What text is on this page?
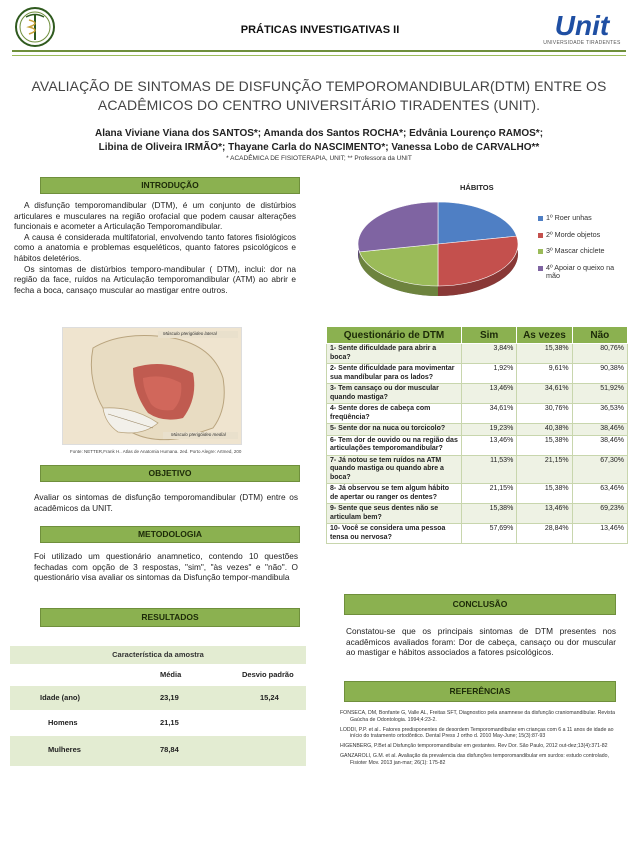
PRÁTICAS INVESTIGATIVAS II	Unit
UNIVERSIDADE TIRADENTES
AVALIAÇÃO DE SINTOMAS DE DISFUNÇÃO TEMPOROMANDIBULAR(DTM) ENTRE OS ACADÊMICOS DO CENTRO UNIVERSITÁRIO TIRADENTES (UNIT).
Alana Viviane Viana dos SANTOS*; Amanda dos Santos ROCHA*; Edvânia Lourenço RAMOS*;
Libina de Oliveira IRMÃO*; Thayane Carla do NASCIMENTO*; Vanessa Lobo de CARVALHO**
* ACADÊMICA DE FISIOTERAPIA, UNIT; ** Professora da UNIT
INTRODUÇÃO

A disfunção temporomandibular (DTM), é um conjunto de distúrbios articulares e musculares na região orofacial que podem causar alterações funcionais e acometer a Articulação Temporomandibular.

A causa é considerada multifatorial, envolvendo tanto fatores fisiológicos como a anatomia e problemas esqueléticos, quanto fatores psicológicos e hábitos deletérios.

Os sintomas de distúrbios temporo-mandibular ( DTM), inclui: dor na região da face, ruídos na Articulação temporomandibular (ATM) ao abrir e fecha a boca, cansaço muscular ao mastigar entre outros.

Músculo pterigóideo lateral
Músculo pterigóideo medial
Fonte: NETTER,Frank H.. Atlas de Anatomia Humana. 2ed. Porto Alegre: Artmed, 200
OBJETIVO
Avaliar os sintomas de disfunção temporomandibular (DTM) entre os acadêmicos da UNIT.
METODOLOGIA
Foi utilizado um questionário anamnetico, contendo 10 questões fechadas com opção de 3 respostas, "sim", "às vezes" e "não". O questionário visa avaliar os sintomas da Disfunção tempor-mandibula
RESULTADOS
Característica da amostra
Média	Desvio padrão
Idade (ano)	23,19	15,24
Homens	21,15
Mulheres	78,84
HÁBITOS
1º Roer unhas
2º Morde objetos
3º Mascar chiclete
4º Apoiar o queixo na mão
Questionário de DTM	Sim	As vezes	Não
1- Sente dificuldade para abrir a boca?	3,84%	15,38%	80,76%
2- Sente dificuldade para movimentar sua mandíbular para os lados?	1,92%	9,61%	90,38%
3- Tem cansaço ou dor muscular quando mastiga?	13,46%	34,61%	51,92%
4- Sente dores de cabeça com freqüência?	34,61%	30,76%	36,53%
5- Sente dor na nuca ou torcicolo?	19,23%	40,38%	38,46%
6- Tem dor de ouvido ou na região das articulações temporomandibular?	13,46%	15,38%	38,46%
7- Já notou se tem ruídos na ATM quando mastiga ou quando abre a boca?	11,53%	21,15%	67,30%
8- Já observou se tem algum hábito de apertar ou ranger os dentes?	21,15%	15,38%	63,46%
9- Sente que seus dentes não se articulam bem?	15,38%	13,46%	69,23%
10- Você se considera uma pessoa tensa ou nervosa?	57,69%	28,84%	13,46%
CONCLUSÃO
Constatou-se que os principais sintomas de DTM presentes nos acadêmicos avaliados foram: Dor de cabeça, cansaço ou dor muscular ao mastigar e hábitos associados a fatores psicológicos.
REFERÊNCIAS

FONSECA, DM, Bonfante G, Valle AL, Freitas SFT, Diagnostico pela anamnese da disfunção craniomandibular. Revista Gaúcha de Odontologia. 1994;4:23-2.

LODDI, P.P. et al.. Fatores predisponentes de desordem Temporomandibular em crianças com 6 a 11 anos de idade ao início do tratamento ortodôntico. Dental Press J ortho d. 2010 May-June; 15(3):87-93

HIGENBERG, P.Bet al Disfunção temporomandibular em gestantes. Rev Dor. São Paulo, 2012 out-dez;13(4):371-82

GANZAROLI, G.M. et al. Avaliação da prevalencia das disfunções temporomandibular em surdos: estudo controlado, Fisioter Mov. 2013 jan-mar; 26(1): 175-82
